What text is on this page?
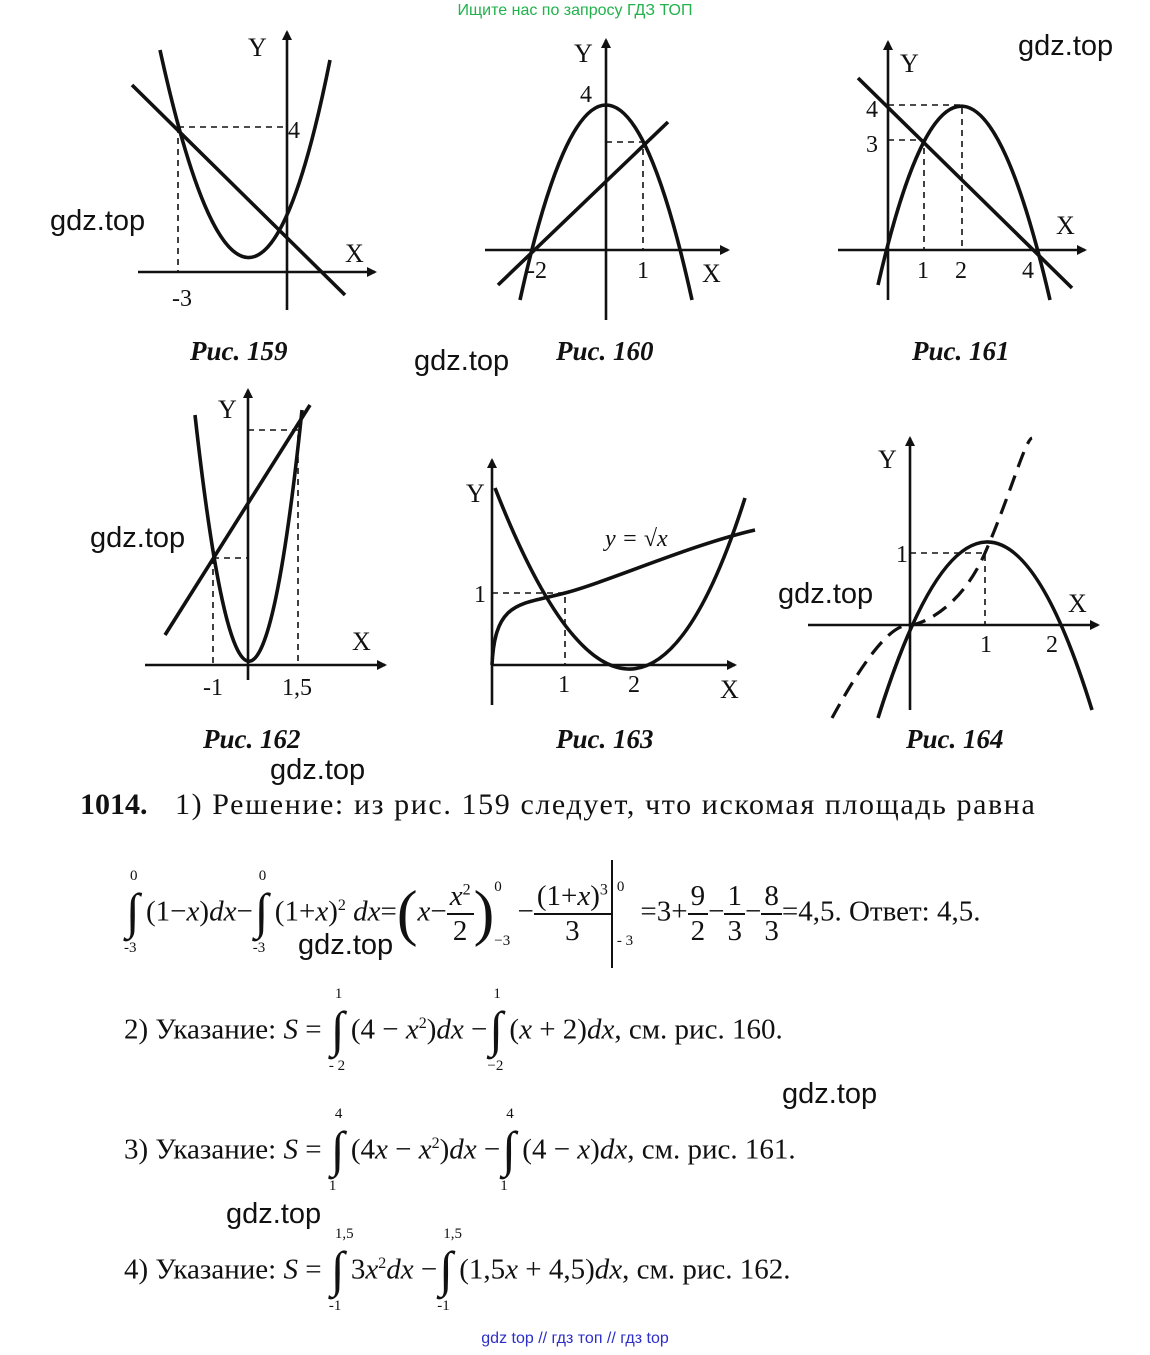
Ищите нас по запросу ГДЗ ТОП
Y
X
-3
4
Рис. 159
Y
X
-2	1
4
Рис. 160
Y
X
1 2 4
3
4
Рис. 161
Y
X
-1 1,5
Рис. 162
Y
X
1 2
1
y = √x
Рис. 163
Y
X
1 2
1
Рис. 164
gdz.top
gdz.top
gdz.top
gdz.top
gdz.top
gdz.top
gdz.top
gdz.top
gdz.top
1014. 1) Решение: из рис. 159 следует, что искомая площадь равна
0
∫
-3
(1−x)dx−
0
∫
-3
$(1+x)^2$ $dx=(x- \frac{x^2}{2} )0$
$-3 - \frac{(1+x)^3}{3} 0$
- $3 =3+ \frac{9}{2} - \frac{1}{3} - \frac{8}{3} =4,5$. Ответ: 4,5.
2) Указание: S =
1
∫
- 2
$(4 - x^2)dx$ −
1
∫
−2
(x + 2)dx, см. рис. 160.
3) Указание: S =
4
∫
1
$(4x - x^2)dx$ −
4
∫
1
(4 − x)dx, см. рис. 161.
4) Указание: S =
1,5
∫
-1
$3x^2dx$ −
1,5
∫
-1
(1,5x + 4,5)dx, см. рис. 162.
gdz top // гдз топ // гдз top
